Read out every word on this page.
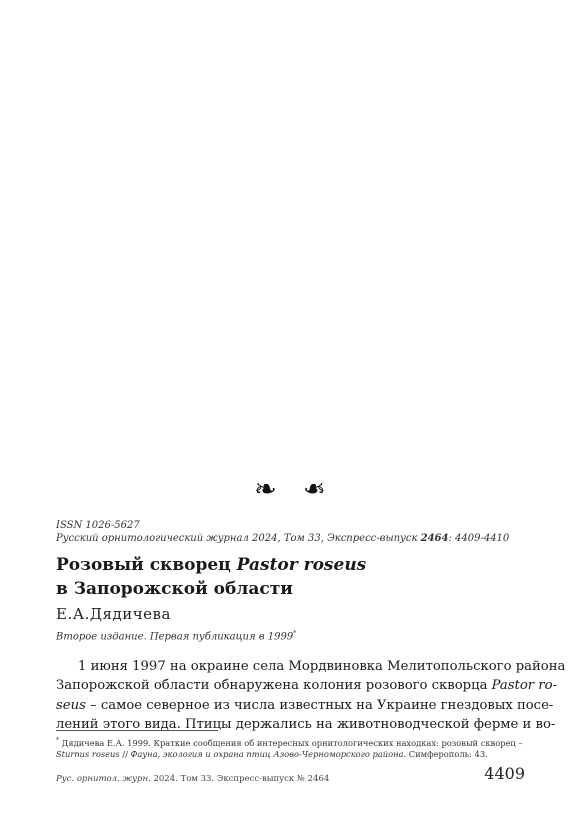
❧ ❧
ISSN 1026-5627
Русский орнитологический журнал 2024, Том 33, Экспресс-выпуск 2464: 4409-4410
Розовый скворец Pastor roseus
в Запорожской области
Е.А.Дядичева
Второе издание. Первая публикация в 1999*
1 июня 1997 на окраине села Мордвиновка Мелитопольского района
Запорожской области обнаружена колония розового скворца Pastor ro-
seus – самое северное из числа известных на Украине гнездовых посе-
лений этого вида. Птицы держались на животноводческой ферме и во-
* Дядичева Е.А. 1999. Краткие сообщения об интересных орнитологических находках: розовый скворец –
Sturnus roseus // Фауна, экология и охрана птиц Азово-Черноморского района. Симферополь: 43.
Рус. орнитол. журн. 2024. Том 33. Экспресс-выпуск № 2464	4409
